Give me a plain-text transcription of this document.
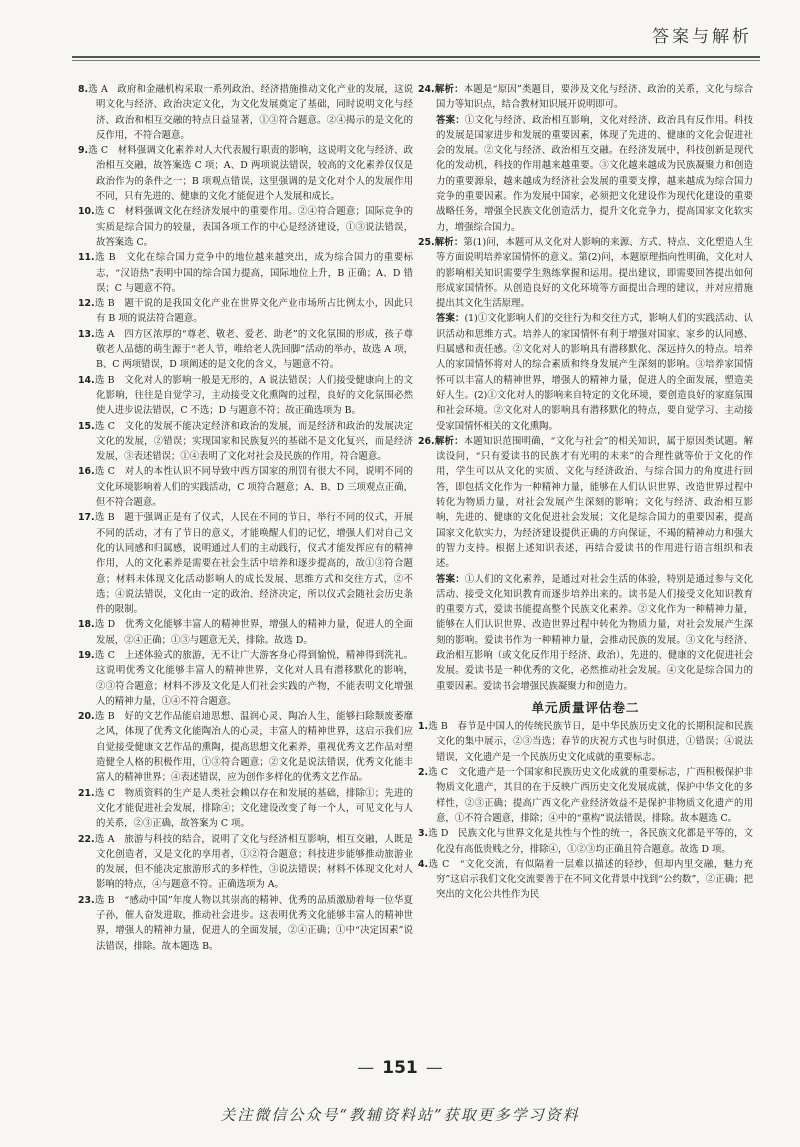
答案与解析

8.选 A　政府和金融机构采取一系列政治、经济措施推动文化产业的发展，这说明文化与经济、政治决定文化，为文化发展奠定了基础，同时说明文化与经济、政治和相互交融的特点日益显著，①③符合题意。②④揭示的是文化的反作用，不符合题意。

9.选 C　材料强调文化素养对人大代表履行职责的影响，这说明文化与经济、政治相互交融，故答案选 C 项；A、D 两项说法错误，较高的文化素养仅仅是政治作为的条件之一；B 项观点错误，这里强调的是文化对个人的发展作用不同，只有先进的、健康的文化才能促进个人发展和成长。

10.选 C　材料强调文化在经济发展中的重要作用。②④符合题意；国际竞争的实质是综合国力的较量，表国各项工作的中心是经济建设，①③说法错误，故答案选 C。

11.选 B　文化在综合国力竞争中的地位越来越突出，成为综合国力的重要标志，“汉语热”表明中国的综合国力提高，国际地位上升，B 正确；A、D 错误；C 与题意不符。

12.选 B　题干说的是我国文化产业在世界文化产业市场所占比例太小，因此只有 B 项的说法符合题意。

13.选 A　四方区浓厚的“尊老、敬老、爱老、助老”的文化氛围的形成，孩子尊敬老人品德的萌生源于“老人节，唯给老人洗回脚”活动的举办，故选 A 项，B、C 两项错误，D 项阐述的是文化的含义，与题意不符。

14.选 B　文化对人的影响一般是无形的，A 说法错误；人们接受健康向上的文化影响，往往是自觉学习，主动接受文化熏陶的过程，良好的文化氛围必然使人进步说法错误，C 不选；D 与题意不符；故正确选项为 B。

15.选 C　文化的发展不能决定经济和政治的发展，而是经济和政治的发展决定文化的发展，②错误；实现国家和民族复兴的基础不是文化复兴，而是经济发展，③表述错误；①④表明了文化对社会及民族的作用，符合题意。

16.选 C　对人的本性认识不同导致中西方国家的刑罚有很大不同，说明不同的文化环境影响着人们的实践活动，C 项符合题意；A、B、D 三项观点正确，但不符合题意。

17.选 B　题干强调正是有了仪式，人民在不同的节日，举行不同的仪式，开展不同的活动，才有了节日的意义，才能唤醒人们的记忆，增强人们对自己文化的认同感和归属感，说明通过人们的主动践行，仪式才能发挥应有的精神作用，人的文化素养是需要在社会生活中培养和逐步提高的，故①③符合题意；材料未体现文化活动影响人的成长发展、思维方式和交往方式，②不选；④说法错误，文化由一定的政治、经济决定，所以仪式会随社会历史条件的限制。

18.选 D　优秀文化能够丰富人的精神世界，增强人的精神力量，促进人的全面发展，②④正确；①③与题意无关，排除。故选 D。

19.选 C　上述体验式的旅游，无不让广大游客身心得到愉悦，精神得到洗礼。这说明优秀文化能够丰富人的精神世界，文化对人具有潜移默化的影响，②③符合题意；材料不涉及文化是人们社会实践的产物，不能表明文化增强人的精神力量，①④不符合题意。

20.选 B　好的文艺作品能启迪思想、温润心灵、陶冶人生，能够扫除颓废萎靡之风，体现了优秀文化能陶冶人的心灵，丰富人的精神世界，这启示我们应自觉接受健康文艺作品的熏陶，提高思想文化素养，重视优秀文艺作品对塑造健全人格的积极作用，①③符合题意；②文化是说法错误，优秀文化能丰富人的精神世界；④表述错误，应为创作多样化的优秀文艺作品。

21.选 C　物质资料的生产是人类社会赖以存在和发展的基础，排除①；先进的文化才能促进社会发展，排除④；文化建设改变了每一个人，可见文化与人的关系，②③正确，故答案为 C 项。

22.选 A　旅游与科技的结合，说明了文化与经济相互影响，相互交融，人既是文化创造者，又是文化的享用者，①②符合题意；科技进步能够推动旅游业的发展，但不能决定旅游形式的多样性，③说法错误；材料不体现文化对人影响的特点，④与题意不符。正确选项为 A。

23.选 B　“感动中国”年度人物以其崇高的精神、优秀的品质激励着每一位华夏子孙，催人奋发进取，推动社会进步。这表明优秀文化能够丰富人的精神世界，增强人的精神力量，促进人的全面发展，②④正确；①中“决定因素”说法错误，排除。故本题选 B。

24.解析：本题是“原因”类题目，要涉及文化与经济、政治的关系，文化与综合国力等知识点，结合教材知识展开说明即可。

答案：①文化与经济、政治相互影响，文化对经济、政治具有反作用。科技的发展是国家进步和发展的重要因素，体现了先进的、健康的文化会促进社会的发展。②文化与经济、政治相互交融。在经济发展中，科技创新是现代化的发动机，科技的作用越来越重要。③文化越来越成为民族凝聚力和创造力的重要源泉，越来越成为经济社会发展的重要支撑，越来越成为综合国力竞争的重要因素。作为发展中国家，必须把文化建设作为现代化建设的重要战略任务，增强全民族文化创造活力，提升文化竞争力，提高国家文化软实力，增强综合国力。

25.解析：第(1)问，本题可从文化对人影响的来源、方式、特点、文化塑造人生等方面说明培养家国情怀的意义。第(2)问，本题原理指向性明确，文化对人的影响相关知识需要学生熟练掌握和运用。提出建议，即需要回答提出如何形成家国情怀。从创造良好的文化环境等方面提出合理的建议，并对应措施提出其文化生活原理。

答案：(1)①文化影响人们的交往行为和交往方式，影响人们的实践活动、认识活动和思维方式。培养人的家国情怀有利于增强对国家、家乡的认同感、归属感和责任感。②文化对人的影响具有潜移默化、深远持久的特点。培养人的家国情怀将对人的综合素质和终身发展产生深刻的影响。③培养家国情怀可以丰富人的精神世界，增强人的精神力量，促进人的全面发展，塑造美好人生。(2)①文化对人的影响来自特定的文化环境，要创造良好的家庭氛围和社会环境。②文化对人的影响具有潜移默化的特点，要自觉学习、主动接受家国情怀相关的文化熏陶。

26.解析：本题知识范围明确，“文化与社会”的相关知识，属于原因类试题。解读设问，“只有爱读书的民族才有光明的未来”的合理性就等价于文化的作用，学生可以从文化的实质、文化与经济政治、与综合国力的角度进行回答，即包括文化作为一种精神力量，能够在人们认识世界、改造世界过程中转化为物质力量，对社会发展产生深刻的影响；文化与经济、政治相互影响，先进的、健康的文化促进社会发展；文化是综合国力的重要因素，提高国家文化软实力，为经济建设提供正确的方向保证，不竭的精神动力和强大的智力支持。根据上述知识表述，再结合爱读书的作用进行语言组织和表述。

答案：①人们的文化素养，是通过对社会生活的体验，特别是通过参与文化活动、接受文化知识教育而逐步培养出来的。读书是人们接受文化知识教育的重要方式，爱读书能提高整个民族文化素养。②文化作为一种精神力量，能够在人们认识世界、改造世界过程中转化为物质力量，对社会发展产生深刻的影响。爱读书作为一种精神力量，会推动民族的发展。③文化与经济、政治相互影响（或文化反作用于经济、政治），先进的、健康的文化促进社会发展。爱读书是一种优秀的文化，必然推动社会发展。④文化是综合国力的重要因素。爱读书会增强民族凝聚力和创造力。

单元质量评估卷二

1.选 B　春节是中国人的传统民族节日，是中华民族历史文化的长期积淀和民族文化的集中展示，②③当选；春节的庆祝方式也与时俱进，①错误；④说法错误，文化遗产是一个民族历史文化成就的重要标志。

2.选 C　文化遗产是一个国家和民族历史文化成就的重要标志，广西积极保护非物质文化遗产，其目的在于反映广西历史文化发展成就，保护中华文化的多样性，②③正确；提高广西文化产业经济效益不是保护非物质文化遗产的用意，①不符合题意，排除；④中的“重构”说法错误，排除。故本题选 C。

3.选 D　民族文化与世界文化是共性与个性的统一，各民族文化都是平等的，文化没有高低贵贱之分，排除④，①②③均正确且符合题意。故选 D 项。

4.选 C　“文化交流，有似隔着一层难以描述的轻纱，但却内里交融，魅力充穷”这启示我们文化交流要善于在不同文化背景中找到“公约数”，②正确；把突出的文化公共性作为民

— 151 —
关注微信公众号“教辅资料站”获取更多学习资料
